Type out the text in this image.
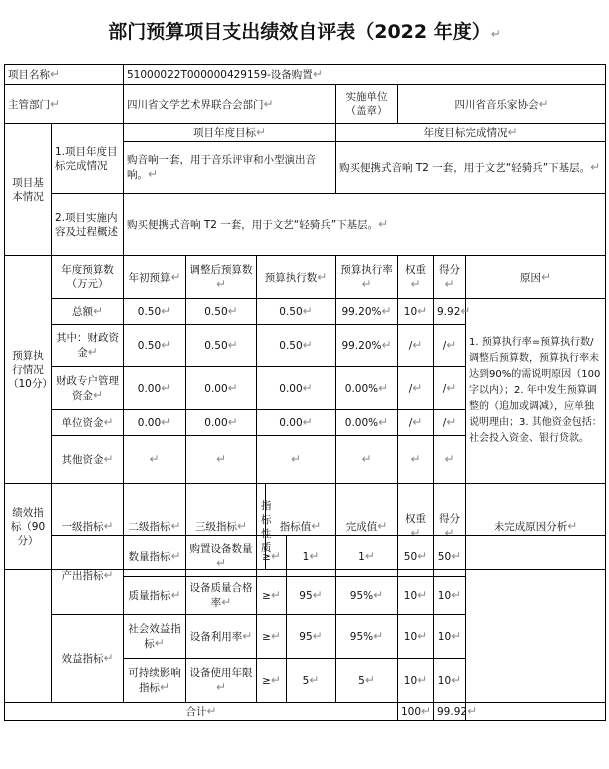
部门预算项目支出绩效自评表（2022 年度）↵
项目名称↵		51000022T000000429159-设备购置↵							
主管部门↵		四川省文学艺术界联合会部门↵				实施单位（盖章）	四川省音乐家协会↵		
项目基本情况	1.项目年度目标完成情况	项目年度目标↵				年度目标完成情况↵			
		购音响一套，用于音乐评审和小型演出音响。↵				购买便携式音响 T2 一套，用于文艺“轻骑兵”下基层。↵			
	2.项目实施内容及过程概述	购买便携式音响 T2 一套，用于文艺“轻骑兵”下基层。↵							
预算执行情况（10分）	年度预算数（万元）	年初预算↵	调整后预算数↵	预算执行数↵		预算执行率↵	权重↵	得分↵	原因↵
	总额↵	0.50↵	0.50↵	0.50↵		99.20%↵	10↵	9.92↵	1. 预算执行率=预算执行数/调整后预算数，预算执行率未达到90%的需说明原因（100字以内）；2. 年中发生预算调整的（追加或调减），应单独说明理由；3. 其他资金包括：社会投入资金、银行贷款。
	其中：财政资金↵	0.50↵	0.50↵	0.50↵		99.20%↵	/↵	/↵	
	财政专户管理资金↵	0.00↵	0.00↵	0.00↵		0.00%↵	/↵	/↵	
	单位资金↵	0.00↵	0.00↵	0.00↵		0.00%↵	/↵	/↵	
	其他资金↵	↵	↵	↵		↵	↵	↵	
绩效指标（90分）	一级指标↵	二级指标↵	三级指标↵	指标性质	指标值↵	完成值↵	权重↵	得分↵	未完成原因分析↵
	产出指标↵	数量指标↵	购置设备数量↵	≥↵	1↵	1↵	50↵	50↵	
		质量指标↵	设备质量合格率↵	≥↵	95↵	95%↵	10↵	10↵	
	效益指标↵	社会效益指标↵	设备利用率↵	≥↵	95↵	95%↵	10↵	10↵	
		可持续影响指标↵	设备使用年限↵	≥↵	5↵	5↵	10↵	10↵	
合计↵							100↵	99.92↵	
